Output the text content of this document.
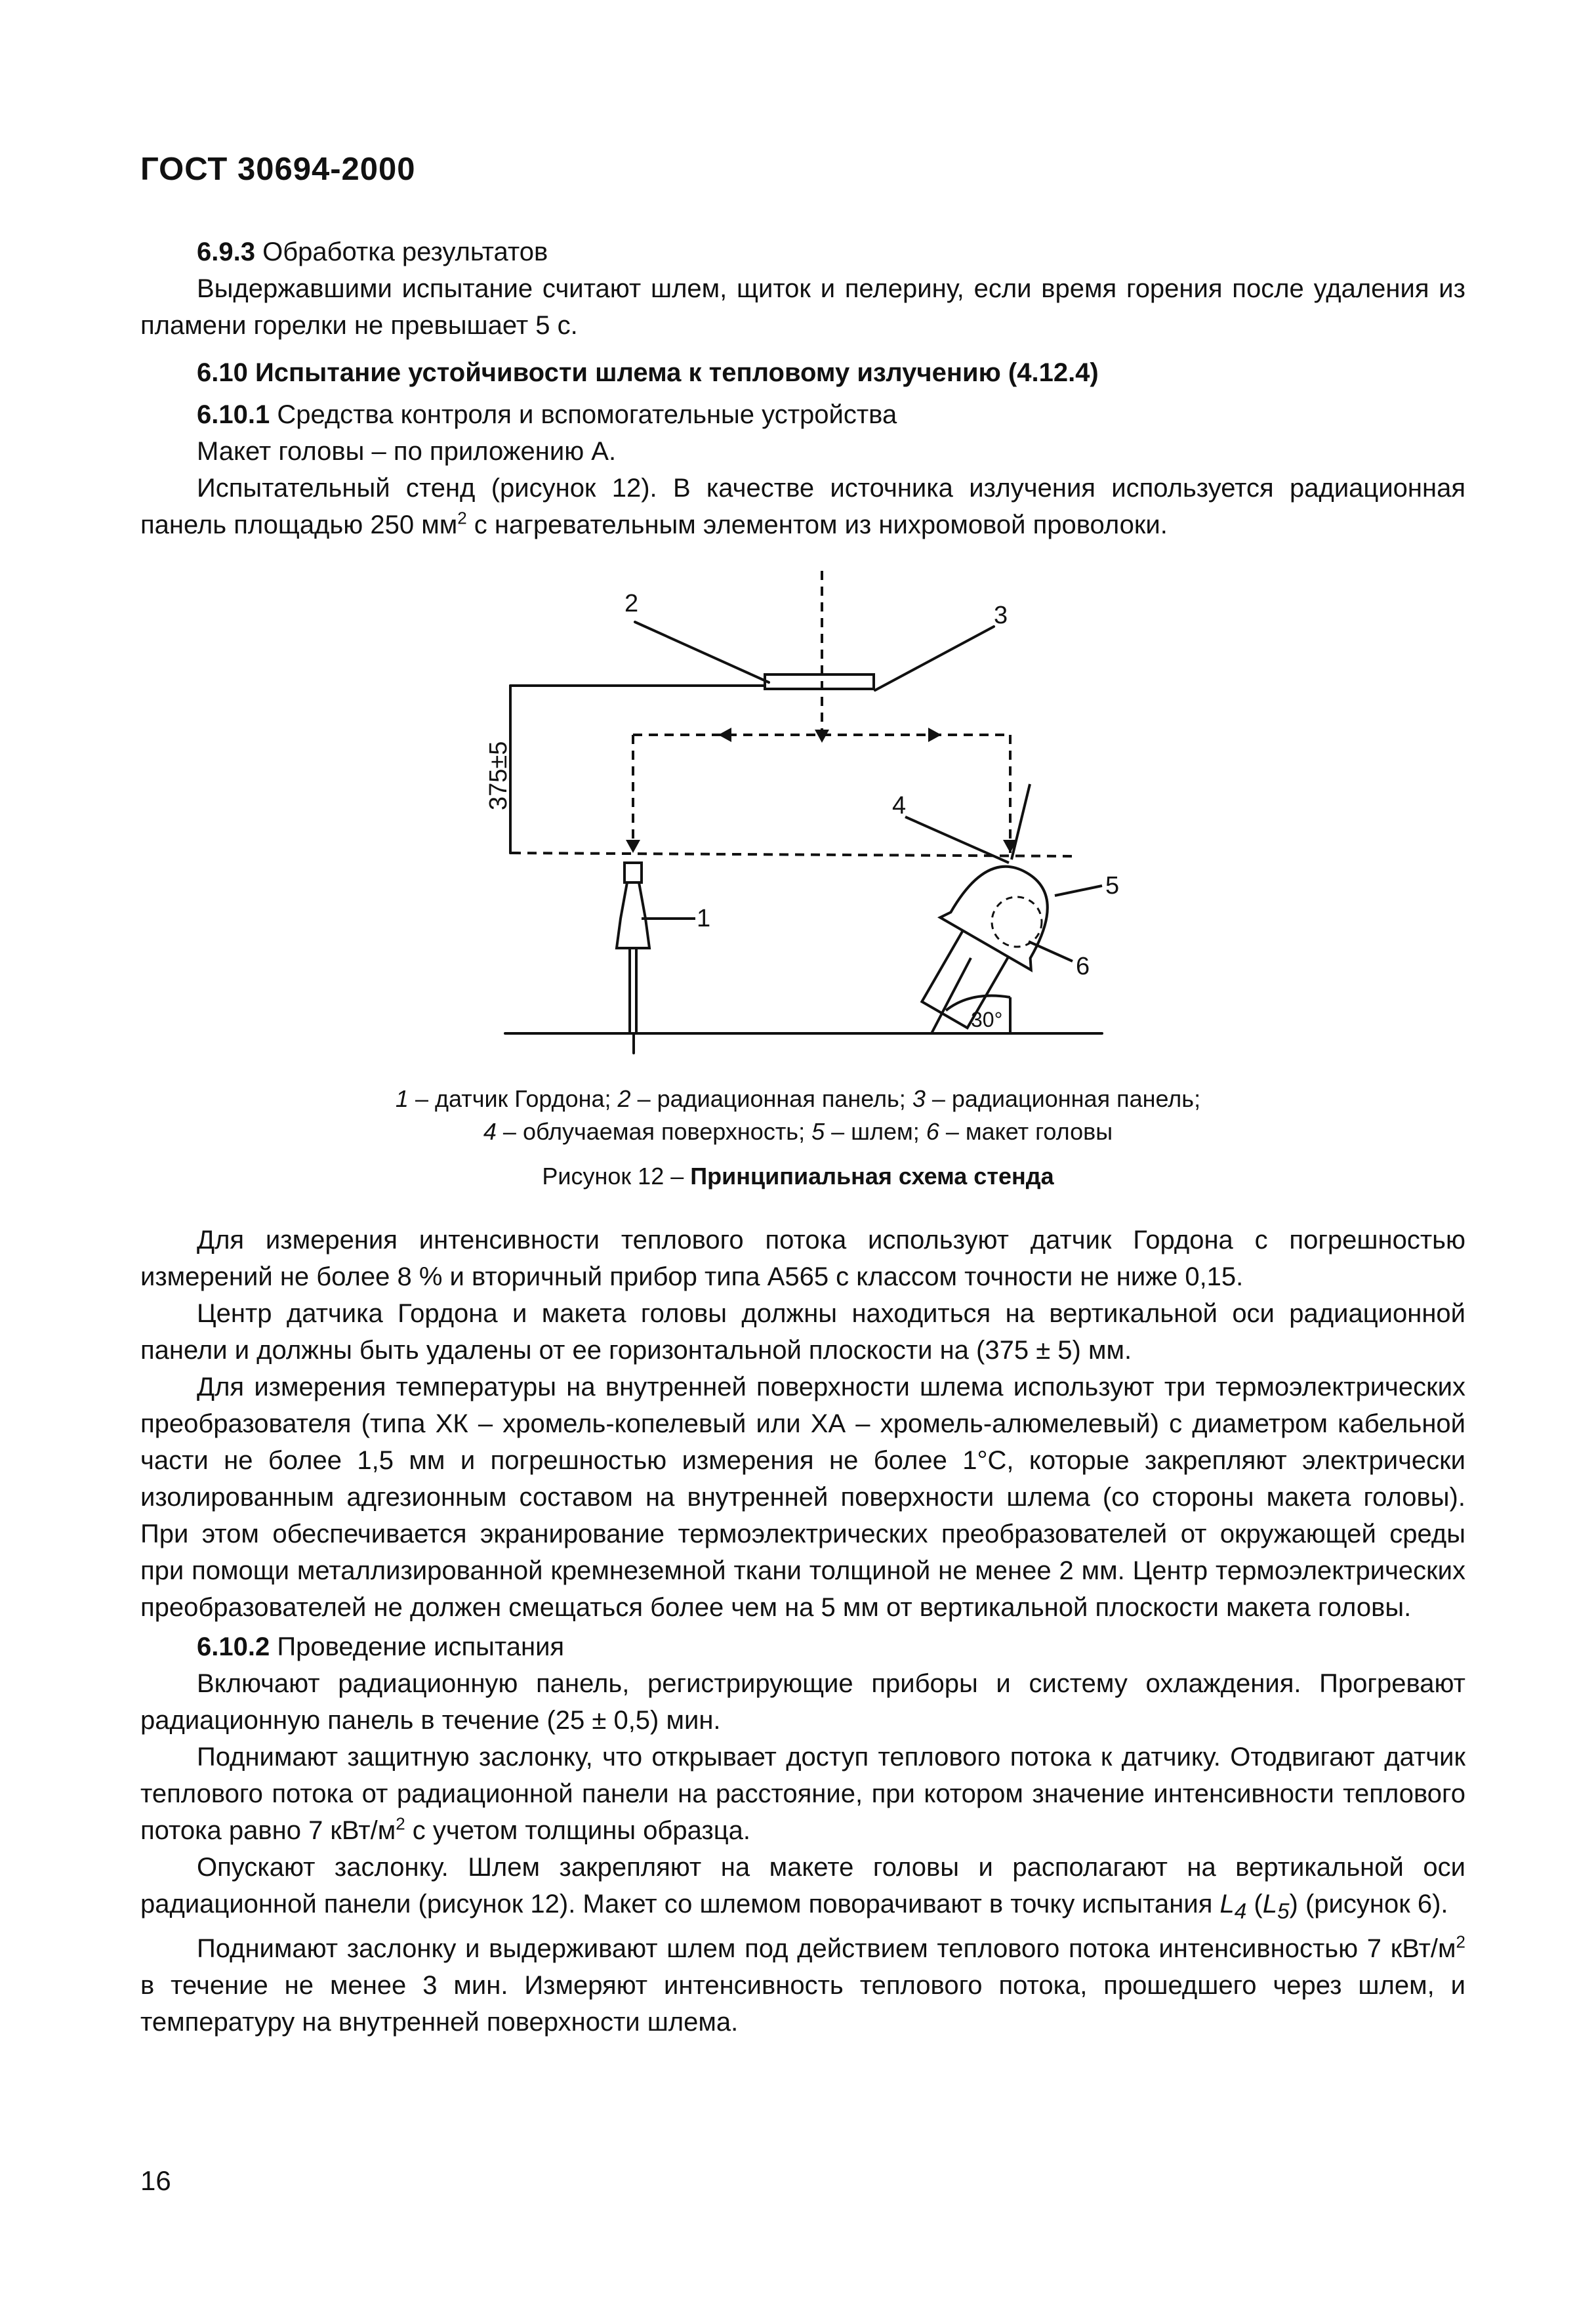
ГОСТ 30694-2000

6.9.3 Обработка результатов

Выдержавшими испытание считают шлем, щиток и пелерину, если время горения после удаления из пламени горелки не превышает 5 с.

6.10 Испытание устойчивости шлема к тепловому излучению (4.12.4)

6.10.1 Средства контроля и вспомогательные устройства

Макет головы – по приложению А.

Испытательный стенд (рисунок 12). В качестве источника излучения используется радиационная панель площадью 250 $мм^2$ с нагревательным элементом из нихромовой проволоки.

2	3
4
5
1
6
30°
375±5
1 – датчик Гордона; 2 – радиационная панель; 3 – радиационная панель;
4 – облучаемая поверхность; 5 – шлем; 6 – макет головы
Рисунок 12 – Принципиальная схема стенда

Для измерения интенсивности теплового потока используют датчик Гордона с погрешностью измерений не более 8 % и вторичный прибор типа А565 с классом точности не ниже 0,15.

Центр датчика Гордона и макета головы должны находиться на вертикальной оси радиационной панели и должны быть удалены от ее горизонтальной плоскости на (375 ± 5) мм.

Для измерения температуры на внутренней поверхности шлема используют три термоэлектрических преобразователя (типа ХК – хромель-копелевый или ХА – хромель-алюмелевый) с диаметром кабельной части не более 1,5 мм и погрешностью измерения не более 1°С, которые закрепляют электрически изолированным адгезионным составом на внутренней поверхности шлема (со стороны макета головы). При этом обеспечивается экранирование термоэлектрических преобразователей от окружающей среды при помощи металлизированной кремнеземной ткани толщиной не менее 2 мм. Центр термоэлектрических преобразователей не должен смещаться более чем на 5 мм от вертикальной плоскости макета головы.

6.10.2 Проведение испытания

Включают радиационную панель, регистрирующие приборы и систему охлаждения. Прогревают радиационную панель в течение (25 ± 0,5) мин.

Поднимают защитную заслонку, что открывает доступ теплового потока к датчику. Отодвигают датчик теплового потока от радиационной панели на расстояние, при котором значение интенсивности теплового потока равно 7 кВт/$м^2$ с учетом толщины образца.

Опускают заслонку. Шлем закрепляют на макете головы и располагают на вертикальной оси радиационной панели (рисунок 12). Макет со шлемом поворачивают в точку испытания $L_4$ $(L_5)$ (рисунок 6).

Поднимают заслонку и выдерживают шлем под действием теплового потока интенсивностью 7 кВт/$м^2$ в течение не менее 3 мин. Измеряют интенсивность теплового потока, прошедшего через шлем, и температуру на внутренней поверхности шлема.

16
